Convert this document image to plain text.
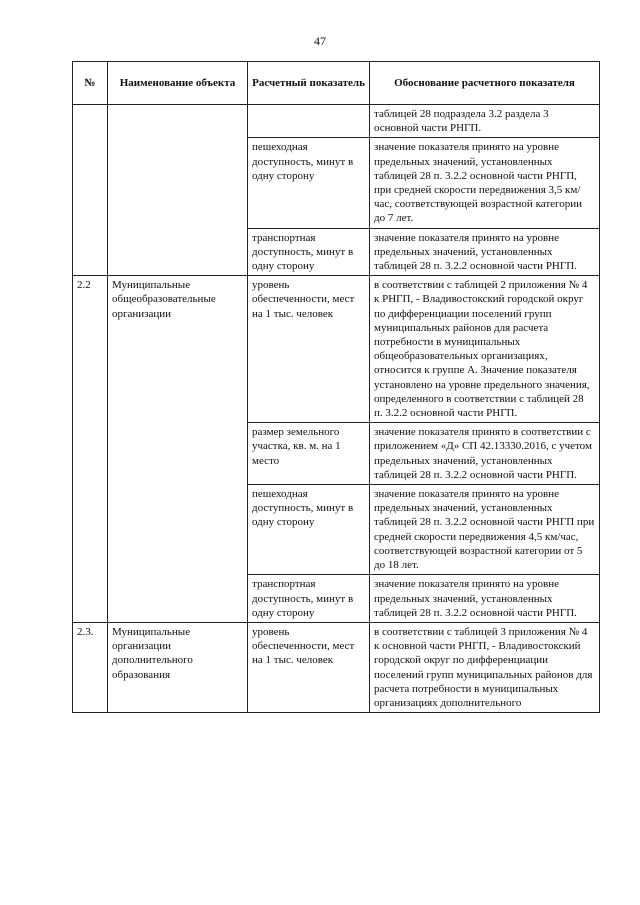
47
№	Наименование объекта	Расчетный показатель	Обоснование расчетного показателя

			таблицей 28 подраздела 3.2 раздела 3 основной части РНГП.

		пешеходная доступность, минут в одну сторону	значение показателя принято на уровне предельных значений, установленных таблицей 28 п. 3.2.2 основной части РНГП, при средней скорости передвижения 3,5 км/час, соответствующей возрастной категории до 7 лет.

		транспортная доступность, минут в одну сторону	значение показателя принято на уровне предельных значений, установленных таблицей 28 п. 3.2.2 основной части РНГП.

2.2	Муниципальные общеобразовательные организации	уровень обеспеченности, мест на 1 тыс. человек	в соответствии с таблицей 2 приложения № 4 к РНГП, - Владивостокский городской округ по дифференциации поселений групп муниципальных районов для расчета потребности в муниципальных общеобразовательных организациях, относится к группе А. Значение показателя установлено на уровне предельного значения, определенного в соответствии с таблицей 28 п. 3.2.2 основной части РНГП.

		размер земельного участка, кв. м. на 1 место	значение показателя принято в соответствии с приложением «Д» СП 42.13330.2016, с учетом предельных значений, установленных таблицей 28 п. 3.2.2 основной части РНГП.

		пешеходная доступность, минут в одну сторону	значение показателя принято на уровне предельных значений, установленных таблицей 28 п. 3.2.2 основной части РНГП при средней скорости передвижения 4,5 км/час, соответствующей возрастной категории от 5 до 18 лет.

		транспортная доступность, минут в одну сторону	значение показателя принято на уровне предельных значений, установленных таблицей 28 п. 3.2.2 основной части РНГП.

2.3.	Муниципальные организации дополнительного образования	уровень обеспеченности, мест на 1 тыс. человек	в соответствии с таблицей 3 приложения № 4 к основной части РНГП, - Владивостокский городской округ по дифференциации поселений групп муниципальных районов для расчета потребности в муниципальных организациях дополнительного
